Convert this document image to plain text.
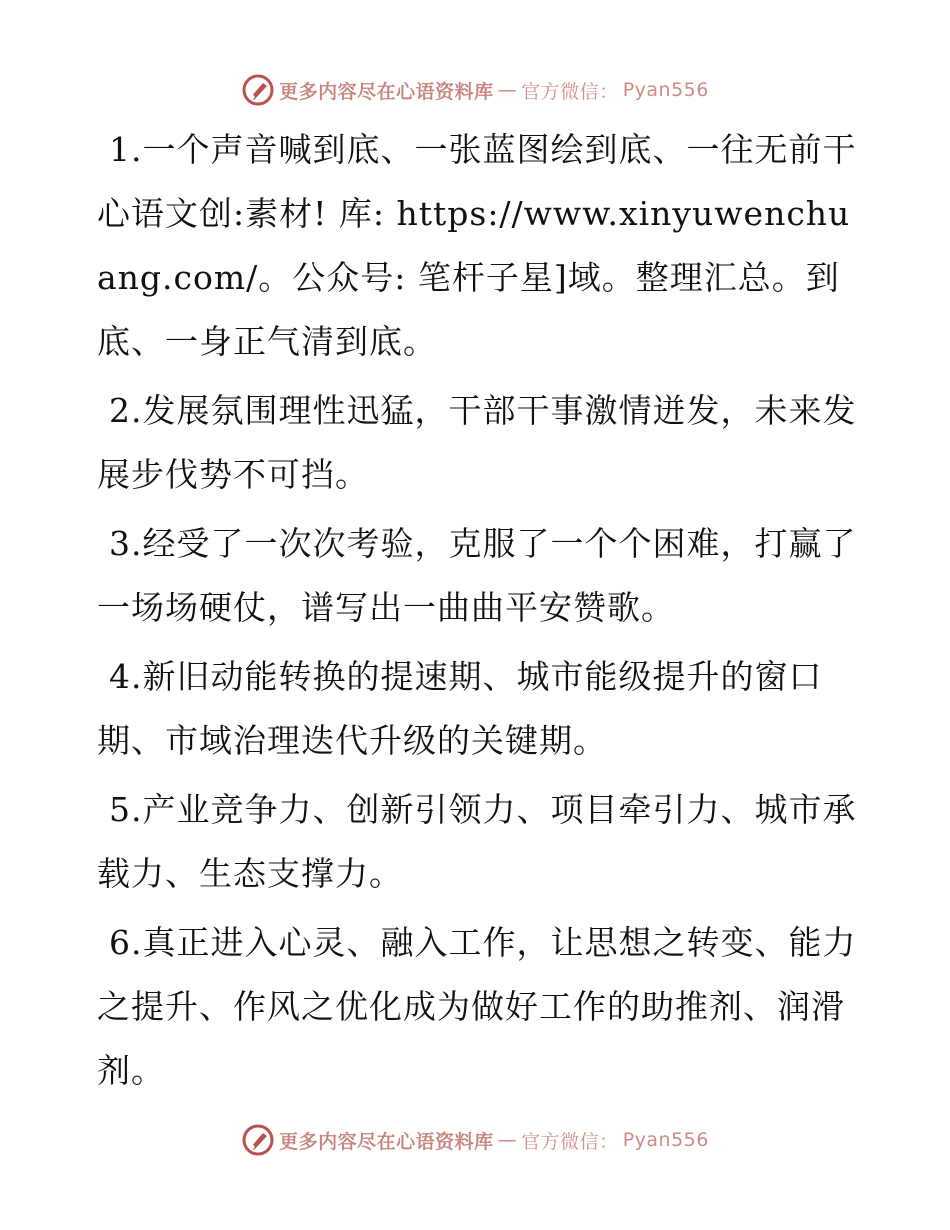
更多内容尽在心语资料库 — 官方微信： Pyan556

1.一个声音喊到底、一张蓝图绘到底、一往无前干心语文创:素材! 库: https://www.xinyuwenchuang.com/。公众号: 笔杆子星]域。整理汇总。到底、一身正气清到底。

2.发展氛围理性迅猛，干部干事激情迸发，未来发展步伐势不可挡。

3.经受了一次次考验，克服了一个个困难，打赢了一场场硬仗，谱写出一曲曲平安赞歌。

4.新旧动能转换的提速期、城市能级提升的窗口期、市域治理迭代升级的关键期。

5.产业竞争力、创新引领力、项目牵引力、城市承载力、生态支撑力。

6.真正进入心灵、融入工作，让思想之转变、能力之提升、作风之优化成为做好工作的助推剂、润滑剂。

更多内容尽在心语资料库 — 官方微信： Pyan556
